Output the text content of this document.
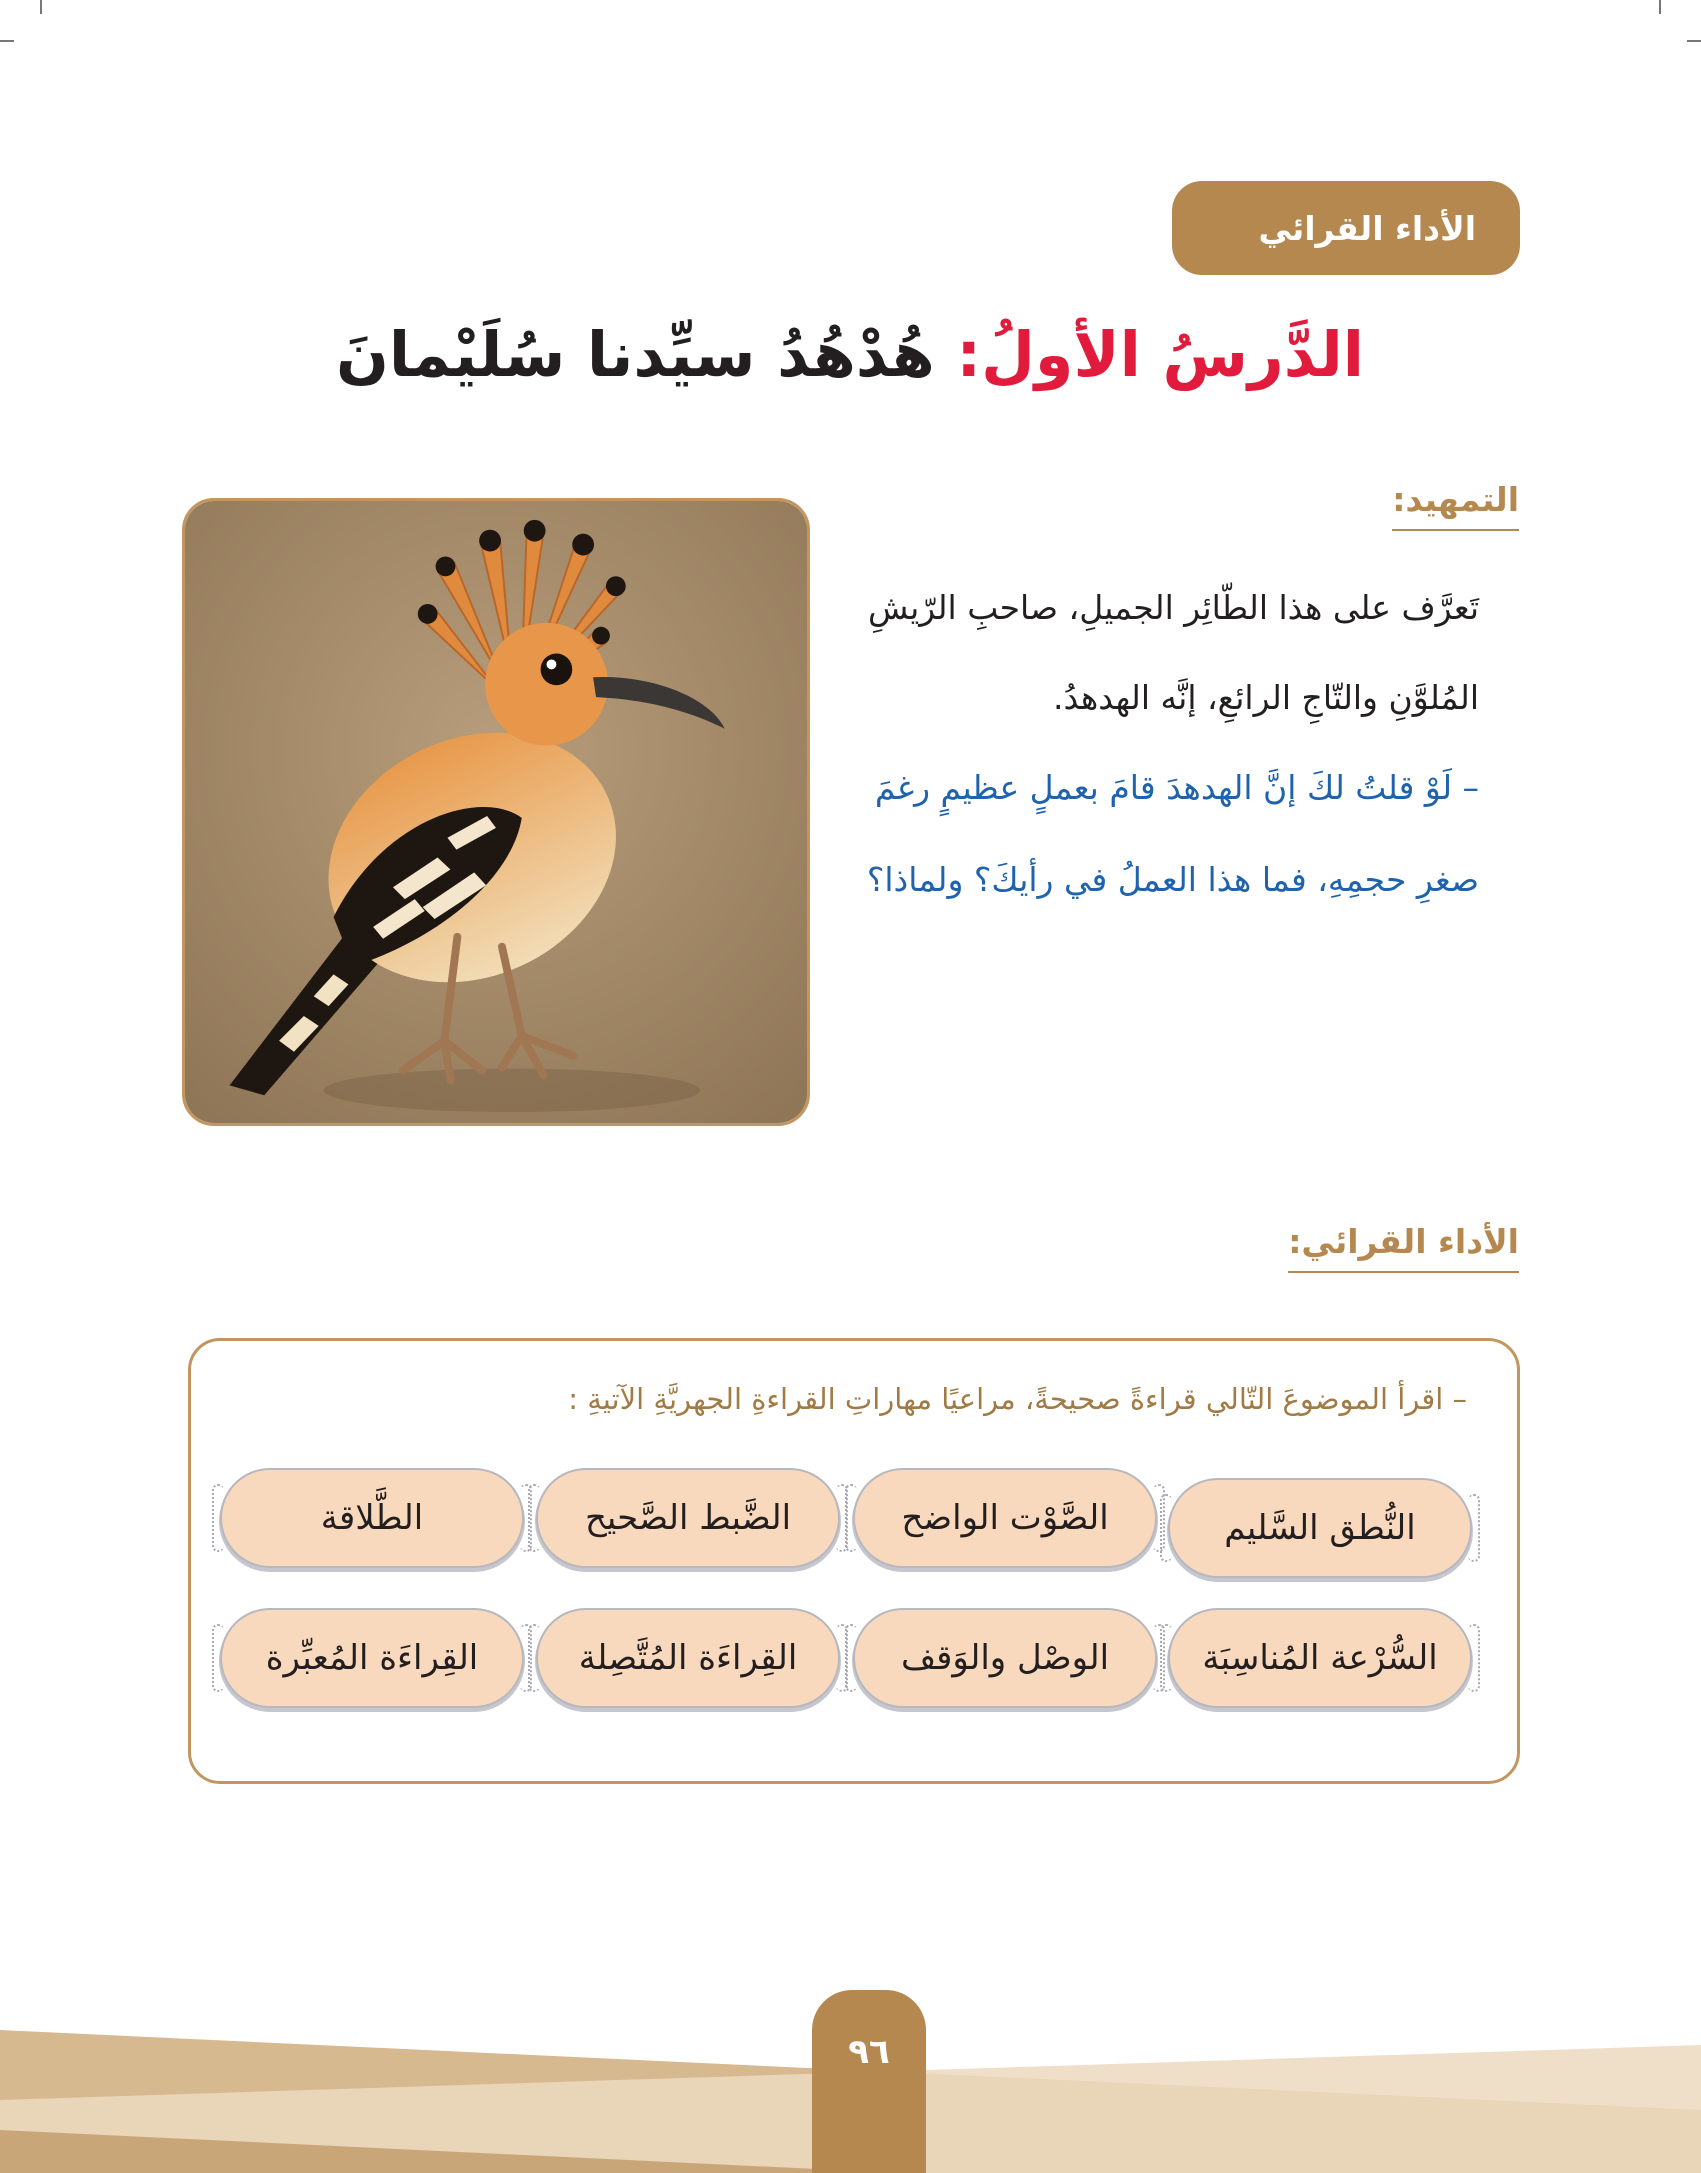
الأداء القرائي
الدَّرسُ الأولُ: هُدْهُدُ سيِّدنا سُلَيْمانَ
التمهيد:
تَعرَّف على هذا الطّائِر الجميلِ، صاحبِ الرّيشِ
المُلوَّنِ والتّاجِ الرائعِ، إنَّه الهدهدُ.
– لَوْ قلتُ لكَ إنَّ الهدهدَ قامَ بعملٍ عظيمٍ رغمَ
صغرِ حجمِهِ، فما هذا العملُ في رأيكَ؟ ولماذا؟
الأداء القرائي:
– اقرأ الموضوعَ التّالي قراءةً صحيحةً، مراعيًا مهاراتِ القراءةِ الجهريَّةِ الآتيةِ :
النُّطق السَّليم
الصَّوْت الواضح
الضَّبط الصَّحيح
الطَّلاقة
السُّرْعة المُناسِبَة
الوصْل والوَقف
القِراءَة المُتَّصِلة
القِراءَة المُعبِّرة
٩٦
